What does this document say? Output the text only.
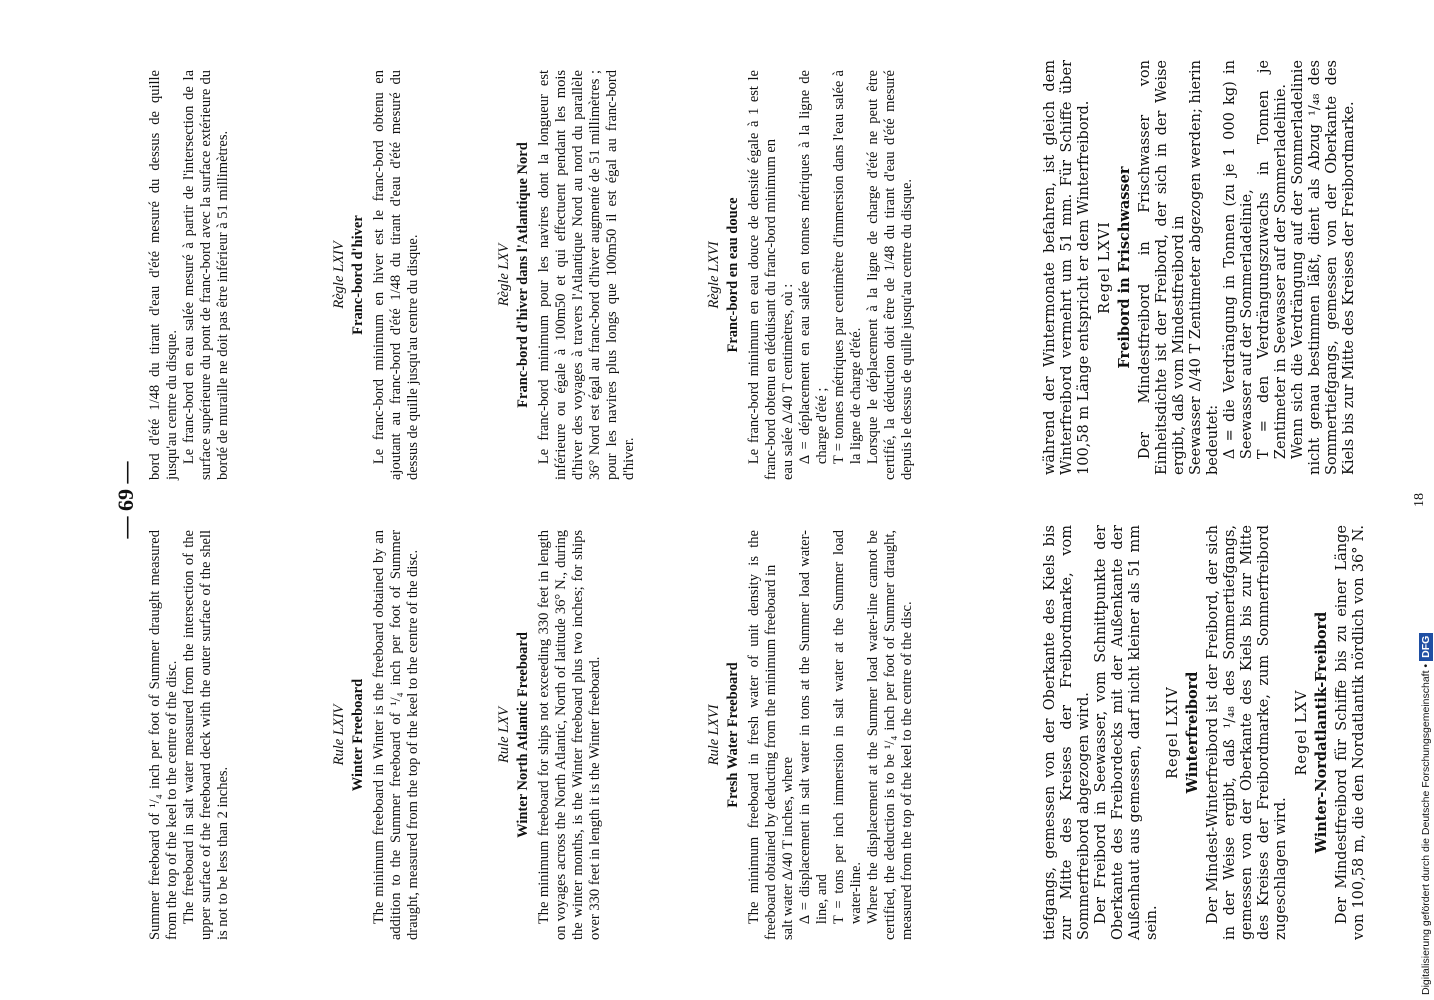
— 69 —

Summer freeboard of ¹/₄ inch per foot of Summer draught measured from the top of the keel to the centre of the disc. The freeboard in salt water measured from the intersection of the upper surface of the freeboard deck with the outer surface of the shell is not to be less than 2 inches.

bord d'été 1/48 du tirant d'eau d'été mesuré du dessus de quille jusqu'au centre du disque. Le franc-bord en eau salée mesuré à partir de l'intersection de la surface supérieure du pont de franc-bord avec la surface extérieure du bordé de muraille ne doit pas être inférieur à 51 millimètres.

Rule LXIV Winter Freeboard The minimum freeboard in Winter is the freeboard obtained by an addition to the Summer freeboard of ¹/₄ inch per foot of Summer draught, measured from the top of the keel to the centre of the disc.

Règle LXIV Franc-bord d'hiver Le franc-bord minimum en hiver est le franc-bord obtenu en ajoutant au franc-bord d'été 1/48 du tirant d'eau d'été mesuré du dessus de quille jusqu'au centre du disque.

Rule LXV Winter North Atlantic Freeboard The minimum freeboard for ships not exceeding 330 feet in length on voyages across the North Atlantic, North of latitude 36° N., during the winter months, is the Winter freeboard plus two inches; for ships over 330 feet in length it is the Winter freeboard.

Règle LXV Franc-bord d'hiver dans l'Atlantique Nord Le franc-bord minimum pour les navires dont la longueur est inférieure ou égale à 100m50 et qui effectuent pendant les mois d'hiver des voyages à travers l'Atlantique Nord au nord du parallèle 36° Nord est égal au franc-bord d'hiver augmenté de 51 millimètres ; pour les navires plus longs que 100m50 il est égal au franc-bord d'hiver.

Rule LXVI Fresh Water Freeboard The minimum freeboard in fresh water of unit density is the freeboard obtained by deducting from the minimum freeboard in salt water Δ/40 T inches, where Δ = displacement in salt water in tons at the Summer load water-line, and T = tons per inch immersion in salt water at the Summer load water-line. Where the displacement at the Summer load water-line cannot be certified, the deduction is to be ¹/₄ inch per foot of Summer draught, measured from the top of the keel to the centre of the disc.

Règle LXVI Franc-bord en eau douce Le franc-bord minimum en eau douce de densité égale à 1 est le franc-bord obtenu en déduisant du franc-bord minimum en eau salée Δ/40 T centimètres, où : Δ = déplacement en eau salée en tonnes métriques à la ligne de charge d'été ; T = tonnes métriques par centimètre d'immersion dans l'eau salée à la ligne de charge d'été. Lorsque le déplacement à la ligne de charge d'été ne peut être certifié, la déduction doit être de 1/48 du tirant d'eau d'été mesuré depuis le dessus de quille jusqu'au centre du disque.

tiefgangs, gemessen von der Oberkante des Kiels bis zur Mitte des Kreises der Freibordmarke, vom Sommerfreibord abgezogen wird. Der Freibord in Seewasser, vom Schnittpunkte der Oberkante des Freibordecks mit der Außenkante der Außenhaut aus gemessen, darf nicht kleiner als 51 mm sein.

Regel LXIV Winterfreibord Der Mindest-Winterfreibord ist der Freibord, der sich in der Weise ergibt, daß ¹/₄₈ des Sommertiefgangs, gemessen von der Oberkante des Kiels bis zur Mitte des Kreises der Freibordmarke, zum Sommerfreibord zugeschlagen wird.

Regel LXV Winter-Nordatlantik-Freibord Der Mindestfreibord für Schiffe bis zu einer Länge von 100,58 m, die den Nordatlantik nördlich von 36° N. während der Wintermonate befahren, ist gleich dem Winterfreibord vermehrt um 51 mm. Für Schiffe über 100,58 m Länge entspricht er dem Winterfreibord. Regel LXVI Freibord in Frischwasser Der Mindestfreibord in Frischwasser von Einheitsdichte ist der Freibord, der sich in der Weise ergibt, daß vom Mindestfreibord in Seewasser Δ/40 T Zentimeter abgezogen werden; hierin bedeutet: Δ = die Verdrängung in Tonnen (zu je 1 000 kg) in Seewasser auf der Sommerladelinie, T = den Verdrängungszuwachs in Tonnen je Zentimeter in Seewasser auf der Sommerladelinie. Wenn sich die Verdrängung auf der Sommerladelinie nicht genau bestimmen läßt, dient als Abzug ¹/₄₈ des Sommertiefgangs, gemessen von der Oberkante des Kiels bis zur Mitte des Kreises der Freibordmarke.

18
Digitalisierung gefördert durch die Deutsche Forschungsgemeinschaft •DFG
